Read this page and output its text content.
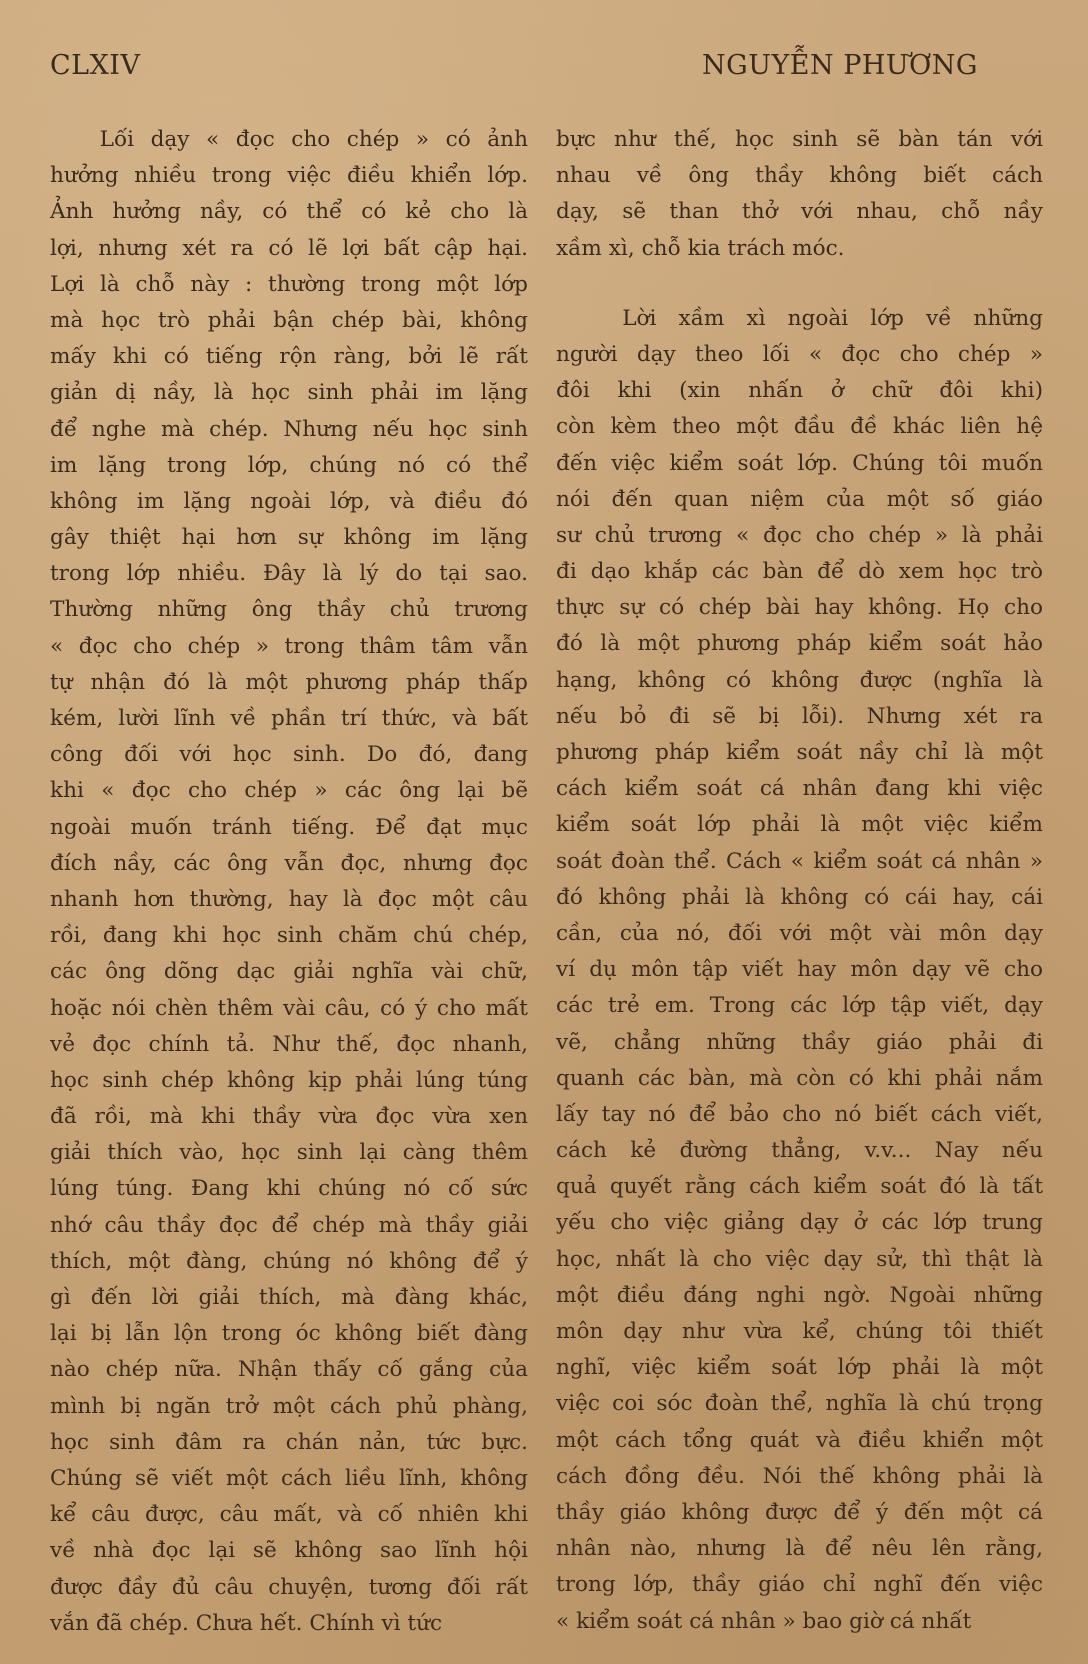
CLXIV	NGUYỄN PHƯƠNG
Lối dạy « đọc cho chép » có ảnh
hưởng nhiều trong việc điều khiển lớp.
Ảnh hưởng nầy, có thể có kẻ cho là
lợi, nhưng xét ra có lẽ lợi bất cập hại.
Lợi là chỗ này : thường trong một lớp
mà học trò phải bận chép bài, không
mấy khi có tiếng rộn ràng, bởi lẽ rất
giản dị nầy, là học sinh phải im lặng
để nghe mà chép. Nhưng nếu học sinh
im lặng trong lớp, chúng nó có thể
không im lặng ngoài lớp, và điều đó
gây thiệt hại hơn sự không im lặng
trong lớp nhiều. Đây là lý do tại sao.
Thường những ông thầy chủ trương
« đọc cho chép » trong thâm tâm vẫn
tự nhận đó là một phương pháp thấp
kém, lười lĩnh về phần trí thức, và bất
công đối với học sinh. Do đó, đang
khi « đọc cho chép » các ông lại bẽ
ngoài muốn tránh tiếng. Để đạt mục
đích nầy, các ông vẫn đọc, nhưng đọc
nhanh hơn thường, hay là đọc một câu
rồi, đang khi học sinh chăm chú chép,
các ông dõng dạc giải nghĩa vài chữ,
hoặc nói chèn thêm vài câu, có ý cho mất
vẻ đọc chính tả. Như thế, đọc nhanh,
học sinh chép không kịp phải lúng túng
đã rồi, mà khi thầy vừa đọc vừa xen
giải thích vào, học sinh lại càng thêm
lúng túng. Đang khi chúng nó cố sức
nhớ câu thầy đọc để chép mà thầy giải
thích, một đàng, chúng nó không để ý
gì đến lời giải thích, mà đàng khác,
lại bị lẫn lộn trong óc không biết đàng
nào chép nữa. Nhận thấy cố gắng của
mình bị ngăn trở một cách phủ phàng,
học sinh đâm ra chán nản, tức bực.
Chúng sẽ viết một cách liều lĩnh, không
kể câu được, câu mất, và cố nhiên khi
về nhà đọc lại sẽ không sao lĩnh hội
được đầy đủ câu chuyện, tương đối rất
vắn đã chép. Chưa hết. Chính vì tức
bực như thế, học sinh sẽ bàn tán với
nhau về ông thầy không biết cách
dạy, sẽ than thở với nhau, chỗ nầy
xầm xì, chỗ kia trách móc.
Lời xầm xì ngoài lớp về những
người dạy theo lối « đọc cho chép »
đôi khi (xin nhấn ở chữ đôi khi)
còn kèm theo một đầu đề khác liên hệ
đến việc kiểm soát lớp. Chúng tôi muốn
nói đến quan niệm của một số giáo
sư chủ trương « đọc cho chép » là phải
đi dạo khắp các bàn để dò xem học trò
thực sự có chép bài hay không. Họ cho
đó là một phương pháp kiểm soát hảo
hạng, không có không được (nghĩa là
nếu bỏ đi sẽ bị lỗi). Nhưng xét ra
phương pháp kiểm soát nầy chỉ là một
cách kiểm soát cá nhân đang khi việc
kiểm soát lớp phải là một việc kiểm
soát đoàn thể. Cách « kiểm soát cá nhân »
đó không phải là không có cái hay, cái
cần, của nó, đối với một vài môn dạy
ví dụ môn tập viết hay môn dạy vẽ cho
các trẻ em. Trong các lớp tập viết, dạy
vẽ, chẳng những thầy giáo phải đi
quanh các bàn, mà còn có khi phải nắm
lấy tay nó để bảo cho nó biết cách viết,
cách kẻ đường thẳng, v.v... Nay nếu
quả quyết rằng cách kiểm soát đó là tất
yếu cho việc giảng dạy ở các lớp trung
học, nhất là cho việc dạy sử, thì thật là
một điều đáng nghi ngờ. Ngoài những
môn dạy như vừa kể, chúng tôi thiết
nghĩ, việc kiểm soát lớp phải là một
việc coi sóc đoàn thể, nghĩa là chú trọng
một cách tổng quát và điều khiển một
cách đồng đều. Nói thế không phải là
thầy giáo không được để ý đến một cá
nhân nào, nhưng là để nêu lên rằng,
trong lớp, thầy giáo chỉ nghĩ đến việc
« kiểm soát cá nhân » bao giờ cá nhất
